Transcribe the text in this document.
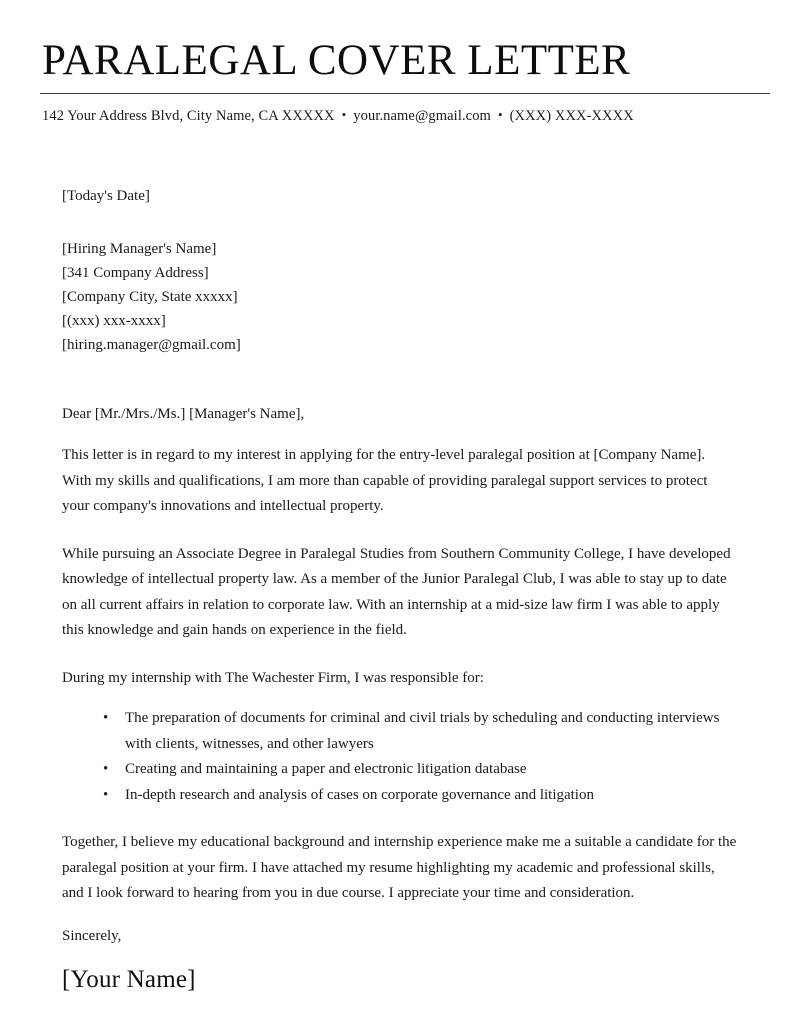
PARALEGAL COVER LETTER
142 Your Address Blvd, City Name, CA XXXXX • your.name@gmail.com • (XXX) XXX-XXXX
[Today's Date]
[Hiring Manager's Name]
[341 Company Address]
[Company City, State xxxxx]
[(xxx) xxx-xxxx]
[hiring.manager@gmail.com]
Dear [Mr./Mrs./Ms.] [Manager's Name],

This letter is in regard to my interest in applying for the entry-level paralegal position at [Company Name]. With my skills and qualifications, I am more than capable of providing paralegal support services to protect your company's innovations and intellectual property.

While pursuing an Associate Degree in Paralegal Studies from Southern Community College, I have developed knowledge of intellectual property law. As a member of the Junior Paralegal Club, I was able to stay up to date on all current affairs in relation to corporate law. With an internship at a mid-size law firm I was able to apply this knowledge and gain hands on experience in the field.

During my internship with The Wachester Firm, I was responsible for:

• The preparation of documents for criminal and civil trials by scheduling and conducting interviews with clients, witnesses, and other lawyers
• Creating and maintaining a paper and electronic litigation database
• In-depth research and analysis of cases on corporate governance and litigation

Together, I believe my educational background and internship experience make me a suitable a candidate for the paralegal position at your firm. I have attached my resume highlighting my academic and professional skills, and I look forward to hearing from you in due course. I appreciate your time and consideration.

Sincerely,
[Your Name]
